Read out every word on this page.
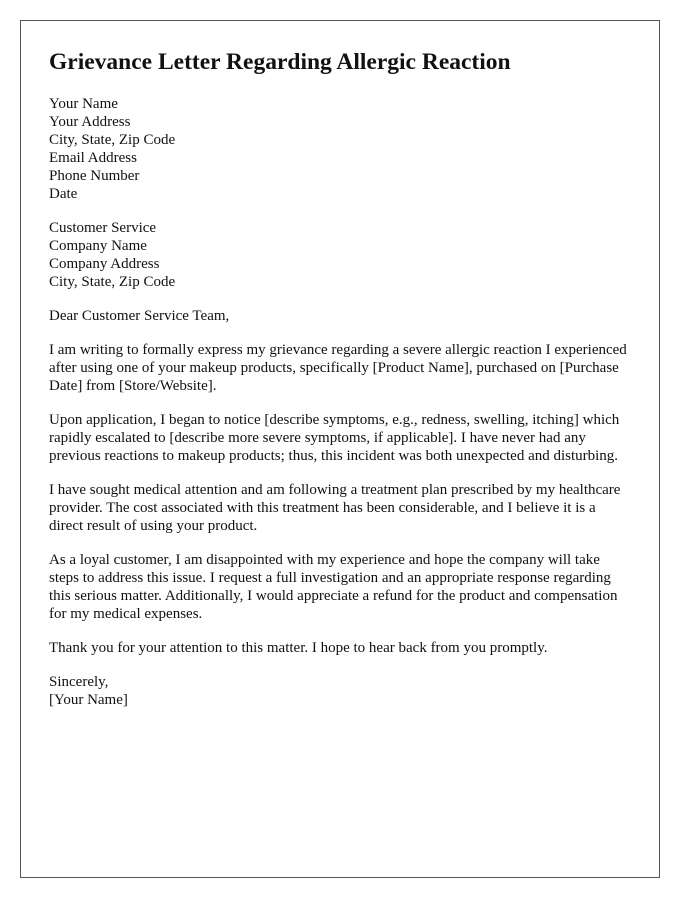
Grievance Letter Regarding Allergic Reaction
Your Name
Your Address
City, State, Zip Code
Email Address
Phone Number
Date
Customer Service
Company Name
Company Address
City, State, Zip Code

Dear Customer Service Team,

I am writing to formally express my grievance regarding a severe allergic reaction I experienced after using one of your makeup products, specifically [Product Name], purchased on [Purchase Date] from [Store/Website].

Upon application, I began to notice [describe symptoms, e.g., redness, swelling, itching] which rapidly escalated to [describe more severe symptoms, if applicable]. I have never had any previous reactions to makeup products; thus, this incident was both unexpected and disturbing.

I have sought medical attention and am following a treatment plan prescribed by my healthcare provider. The cost associated with this treatment has been considerable, and I believe it is a direct result of using your product.

As a loyal customer, I am disappointed with my experience and hope the company will take steps to address this issue. I request a full investigation and an appropriate response regarding this serious matter. Additionally, I would appreciate a refund for the product and compensation for my medical expenses.

Thank you for your attention to this matter. I hope to hear back from you promptly.

Sincerely,
[Your Name]
